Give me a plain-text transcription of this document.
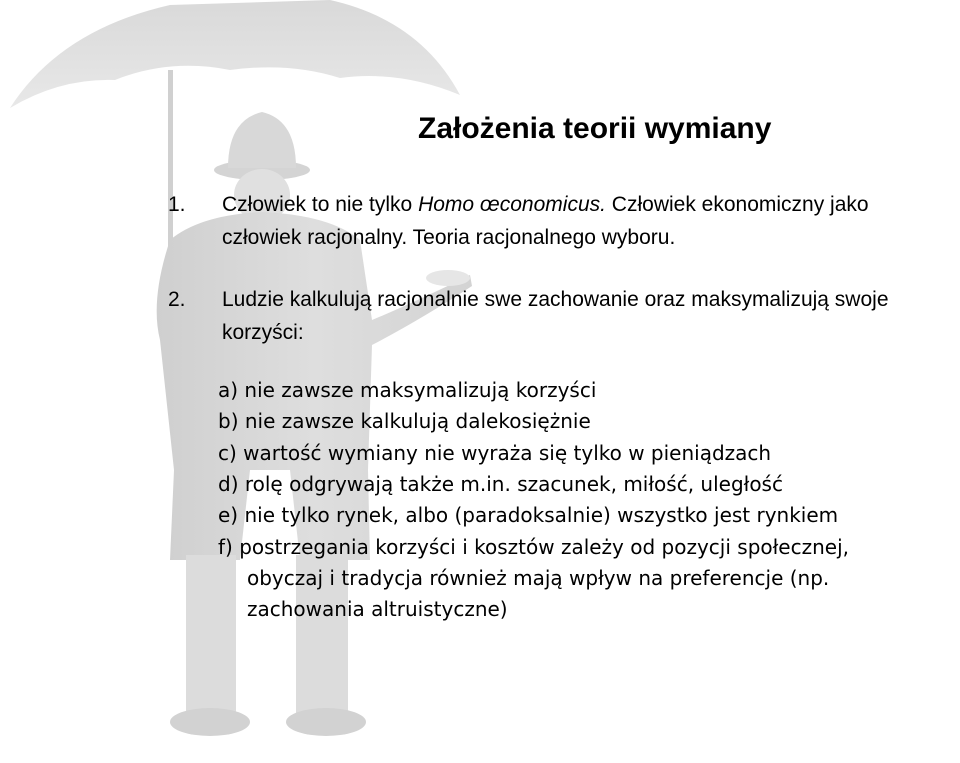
Założenia teorii wymiany
1. Człowiek to nie tylko Homo œconomicus. Człowiek ekonomiczny jako
człowiek racjonalny. Teoria racjonalnego wyboru.
2. Ludzie kalkulują racjonalnie swe zachowanie oraz maksymalizują swoje
korzyści:
a) nie zawsze maksymalizują korzyści
b) nie zawsze kalkulują dalekosiężnie
c) wartość wymiany nie wyraża się tylko w pieniądzach
d) rolę odgrywają także m.in. szacunek, miłość, uległość
e) nie tylko rynek, albo (paradoksalnie) wszystko jest rynkiem
f) postrzegania korzyści i kosztów zależy od pozycji społecznej,
obyczaj i tradycja również mają wpływ na preferencje (np.
zachowania altruistyczne)
